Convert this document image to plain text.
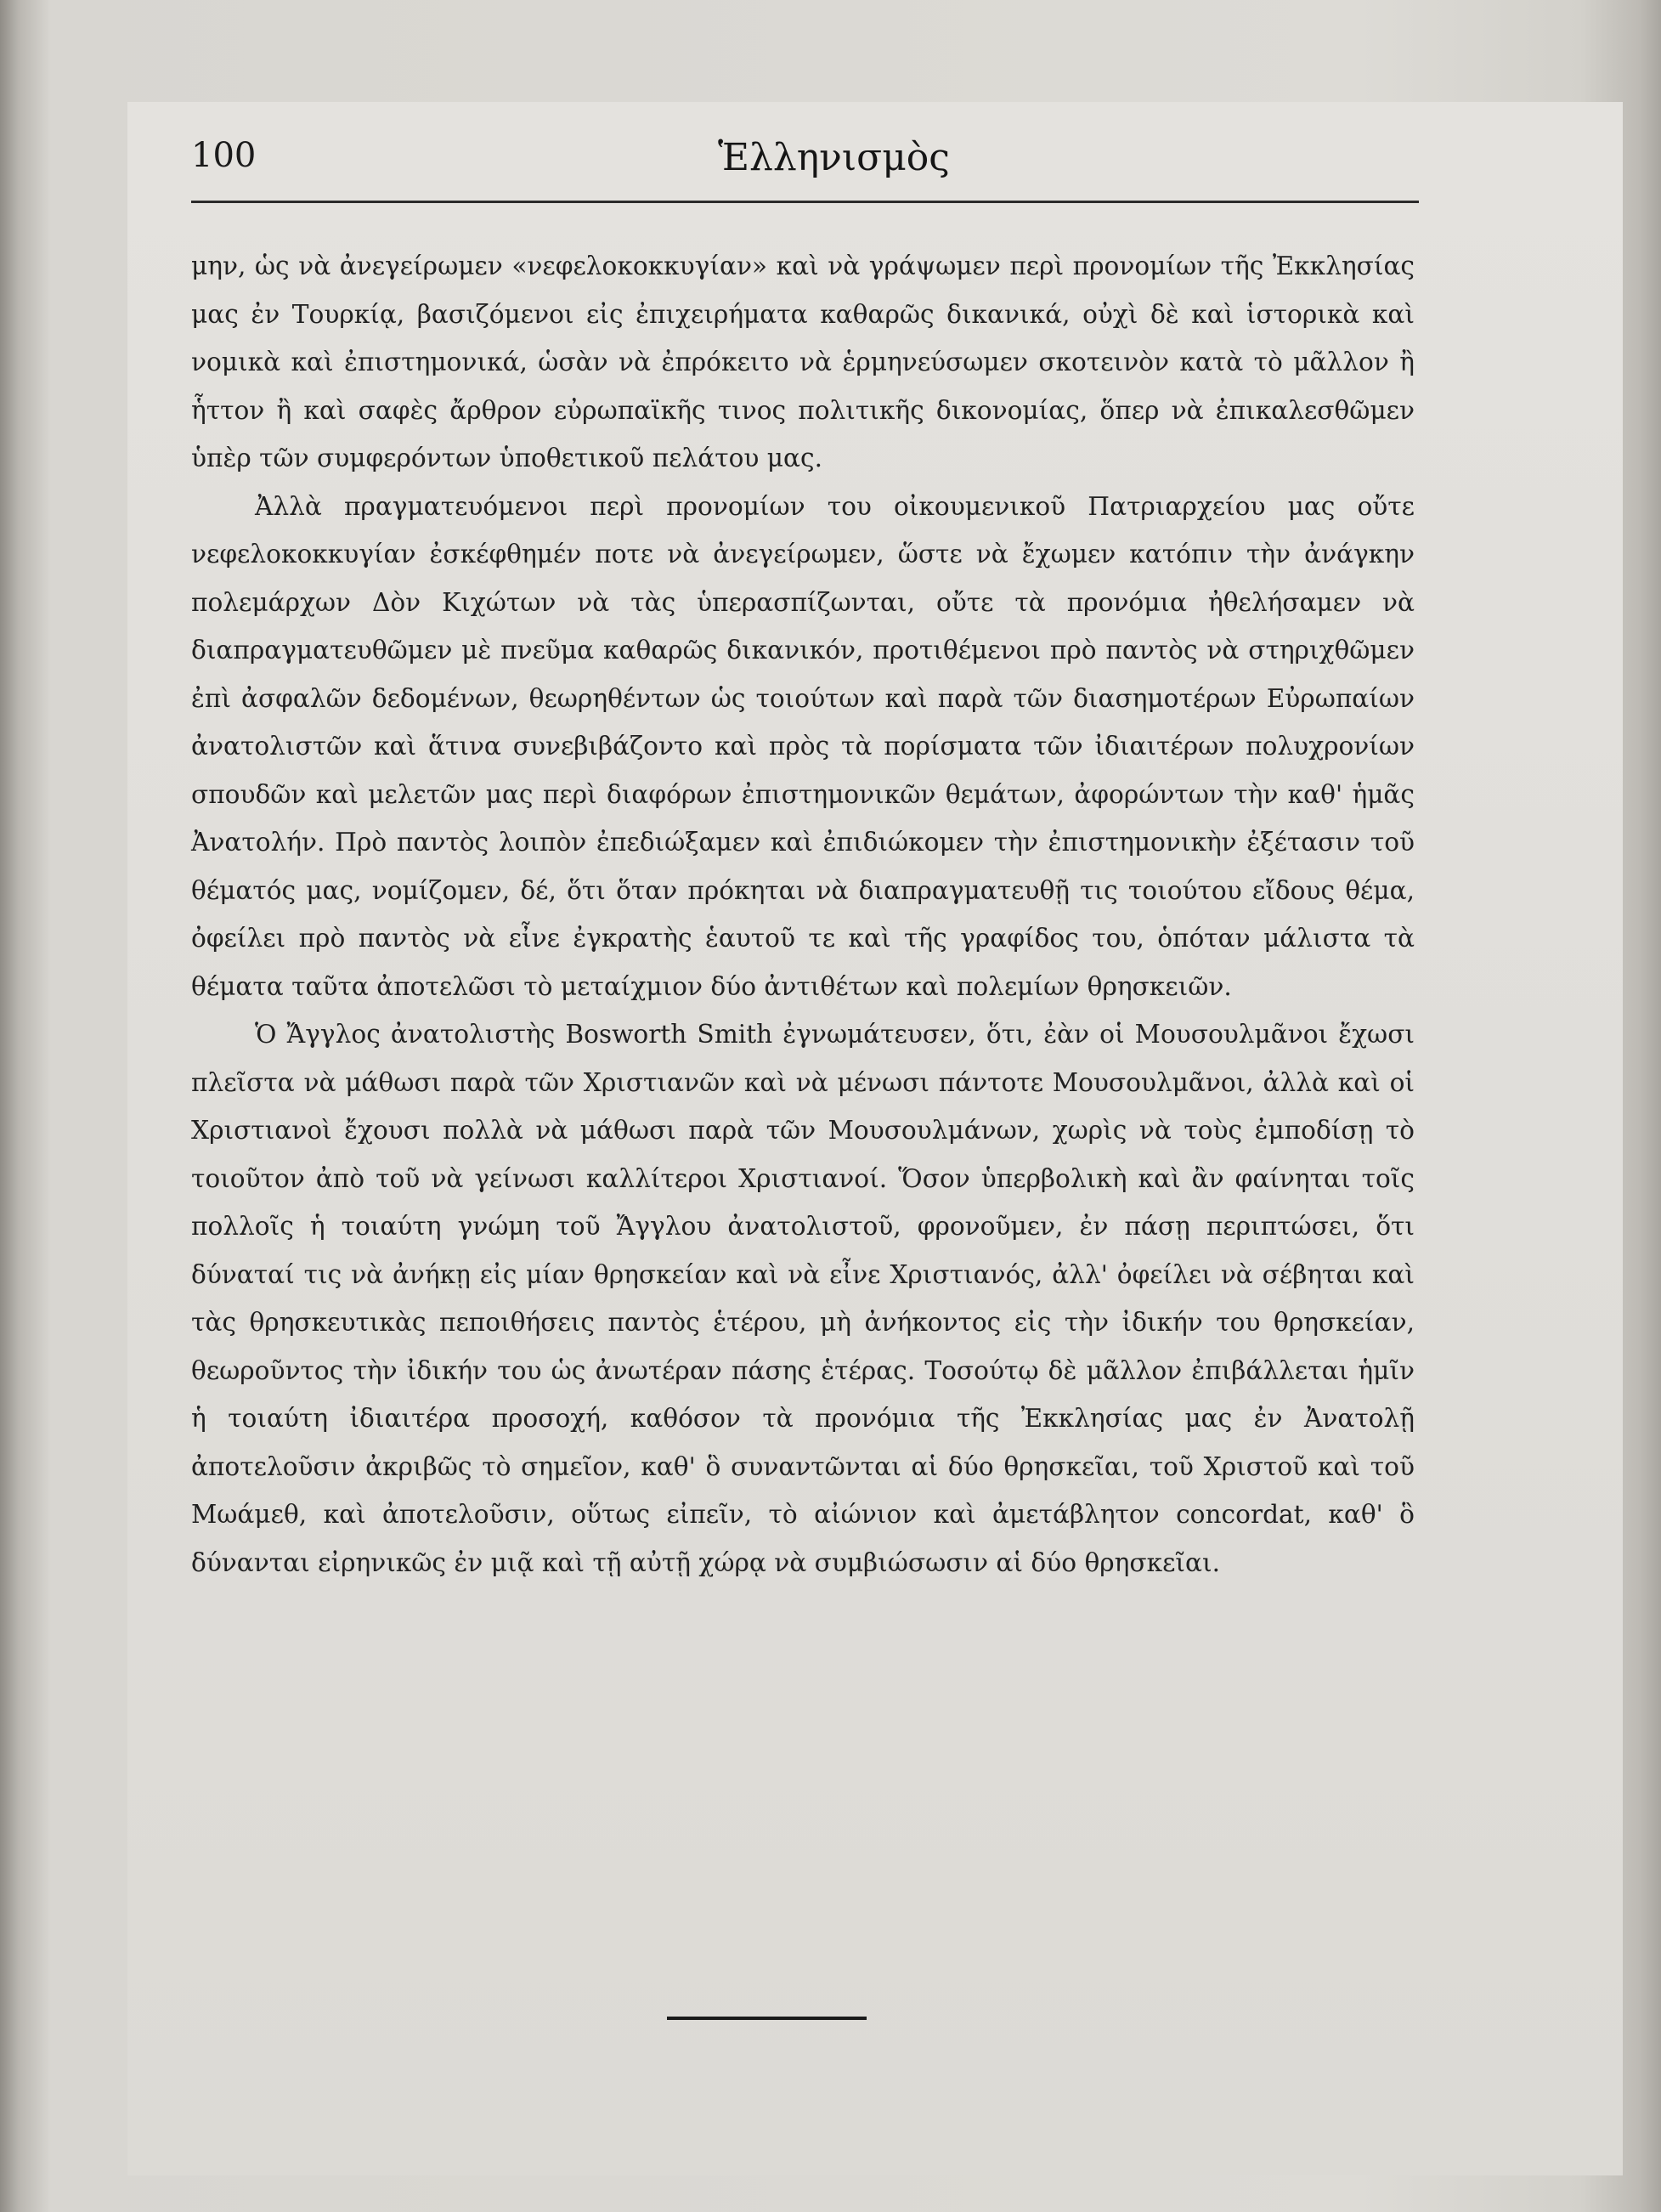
100	Ἑλληνισμὸς

μην, ὡς νὰ ἀνεγείρωμεν «νεφελοκοκκυγίαν» καὶ νὰ γράψωμεν περὶ προνομίων τῆς Ἐκκλησίας μας ἐν Τουρκίᾳ, βασιζόμενοι εἰς ἐπιχειρήματα καθαρῶς δικανικά, οὐχὶ δὲ καὶ ἱστορικὰ καὶ νομικὰ καὶ ἐπιστημονικά, ὡσὰν νὰ ἐπρόκειτο νὰ ἑρμηνεύσωμεν σκοτεινὸν κατὰ τὸ μᾶλλον ἢ ἧττον ἢ καὶ σαφὲς ἄρθρον εὐρωπαϊκῆς τινος πολιτικῆς δικονομίας, ὅπερ νὰ ἐπικαλεσθῶμεν ὑπὲρ τῶν συμφερόντων ὑποθετικοῦ πελάτου μας.

Ἀλλὰ πραγματευόμενοι περὶ προνομίων του οἰκουμενικοῦ Πατριαρχείου μας οὔτε νεφελοκοκκυγίαν ἐσκέφθημέν ποτε νὰ ἀνεγείρωμεν, ὥστε νὰ ἔχωμεν κατόπιν τὴν ἀνάγκην πολεμάρχων Δὸν Κιχώτων νὰ τὰς ὑπερασπίζωνται, οὔτε τὰ προνόμια ἠθελήσαμεν νὰ διαπραγματευθῶμεν μὲ πνεῦμα καθαρῶς δικανικόν, προτιθέμενοι πρὸ παντὸς νὰ στηριχθῶμεν ἐπὶ ἀσφαλῶν δεδομένων, θεωρηθέντων ὡς τοιούτων καὶ παρὰ τῶν διασημοτέρων Εὐρωπαίων ἀνατολιστῶν καὶ ἅτινα συνεβιβάζοντο καὶ πρὸς τὰ πορίσματα τῶν ἰδιαιτέρων πολυχρονίων σπουδῶν καὶ μελετῶν μας περὶ διαφόρων ἐπιστημονικῶν θεμάτων, ἀφορώντων τὴν καθ' ἡμᾶς Ἀνατολήν. Πρὸ παντὸς λοιπὸν ἐπεδιώξαμεν καὶ ἐπιδιώκομεν τὴν ἐπιστημονικὴν ἐξέτασιν τοῦ θέματός μας, νομίζομεν, δέ, ὅτι ὅταν πρόκηται νὰ διαπραγματευθῇ τις τοιούτου εἴδους θέμα, ὀφείλει πρὸ παντὸς νὰ εἶνε ἐγκρατὴς ἑαυτοῦ τε καὶ τῆς γραφίδος του, ὁπόταν μάλιστα τὰ θέματα ταῦτα ἀποτελῶσι τὸ μεταίχμιον δύο ἀντιθέτων καὶ πολεμίων θρησκειῶν.

Ὁ Ἄγγλος ἀνατολιστὴς Bosworth Smith ἐγνωμάτευσεν, ὅτι, ἐὰν οἱ Μουσουλμᾶνοι ἔχωσι πλεῖστα νὰ μάθωσι παρὰ τῶν Χριστιανῶν καὶ νὰ μένωσι πάντοτε Μουσουλμᾶνοι, ἀλλὰ καὶ οἱ Χριστιανοὶ ἔχουσι πολλὰ νὰ μάθωσι παρὰ τῶν Μουσουλμάνων, χωρὶς νὰ τοὺς ἐμποδίσῃ τὸ τοιοῦτον ἀπὸ τοῦ νὰ γείνωσι καλλίτεροι Χριστιανοί. Ὅσον ὑπερβολικὴ καὶ ἂν φαίνηται τοῖς πολλοῖς ἡ τοιαύτη γνώμη τοῦ Ἄγγλου ἀνατολιστοῦ, φρονοῦμεν, ἐν πάσῃ περιπτώσει, ὅτι δύναταί τις νὰ ἀνήκῃ εἰς μίαν θρησκείαν καὶ νὰ εἶνε Χριστιανός, ἀλλ' ὀφείλει νὰ σέβηται καὶ τὰς θρησκευτικὰς πεποιθήσεις παντὸς ἑτέρου, μὴ ἀνήκοντος εἰς τὴν ἰδικήν του θρησκείαν, θεωροῦντος τὴν ἰδικήν του ὡς ἀνωτέραν πάσης ἑτέρας. Τοσούτῳ δὲ μᾶλλον ἐπιβάλλεται ἡμῖν ἡ τοιαύτη ἰδιαιτέρα προσοχή, καθόσον τὰ προνόμια τῆς Ἐκκλησίας μας ἐν Ἀνατολῇ ἀποτελοῦσιν ἀκριβῶς τὸ σημεῖον, καθ' ὃ συναντῶνται αἱ δύο θρησκεῖαι, τοῦ Χριστοῦ καὶ τοῦ Μωάμεθ, καὶ ἀποτελοῦσιν, οὕτως εἰπεῖν, τὸ αἰώνιον καὶ ἀμετάβλητον concordat, καθ' ὃ δύνανται εἰρηνικῶς ἐν μιᾷ καὶ τῇ αὐτῇ χώρᾳ νὰ συμβιώσωσιν αἱ δύο θρησκεῖαι.
